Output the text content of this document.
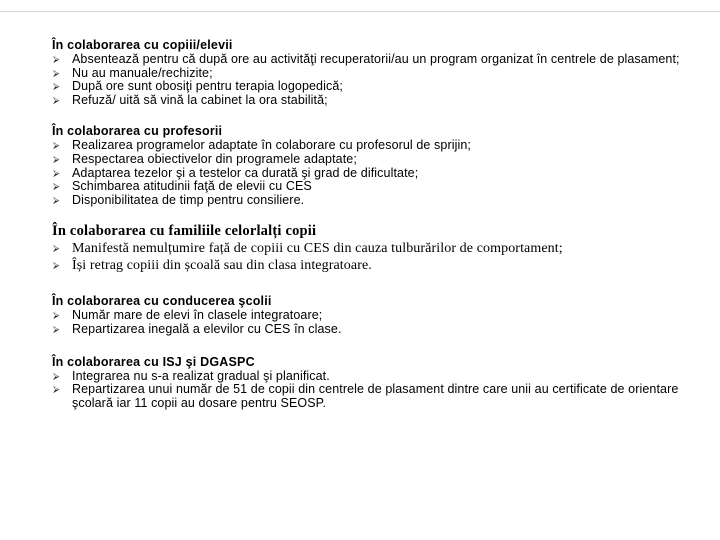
În colaborarea cu copiii/elevii

⮚ Absentează pentru că după ore au activităţi recuperatorii/au un program organizat în centrele de plasament;
⮚ Nu au manuale/rechizite;
⮚ După ore sunt obosiţi pentru terapia logopedică;
⮚ Refuză/ uită să vină la cabinet la ora stabilită;

În colaborarea cu profesorii

⮚ Realizarea programelor adaptate în colaborare cu profesorul de sprijin;
⮚ Respectarea obiectivelor din programele adaptate;
⮚ Adaptarea tezelor şi a testelor ca durată şi grad de dificultate;
⮚ Schimbarea atitudinii faţă de elevii cu CES
⮚ Disponibilitatea de timp pentru consiliere.

În colaborarea cu familiile celorlalți copii

⮚ Manifestă nemulțumire față de copiii cu CES din cauza tulburărilor de comportament;
⮚ Își retrag copiii din școală sau din clasa integratoare.

În colaborarea cu conducerea şcolii

⮚ Număr mare de elevi în clasele integratoare;
⮚ Repartizarea inegală a elevilor cu CES în clase.

În colaborarea cu ISJ şi DGASPC

⮚ Integrarea nu s-a realizat gradual şi planificat.
⮚ Repartizarea unui număr de 51 de copii din centrele de plasament dintre care unii au certificate de orientare şcolară iar 11 copii au dosare pentru SEOSP.
